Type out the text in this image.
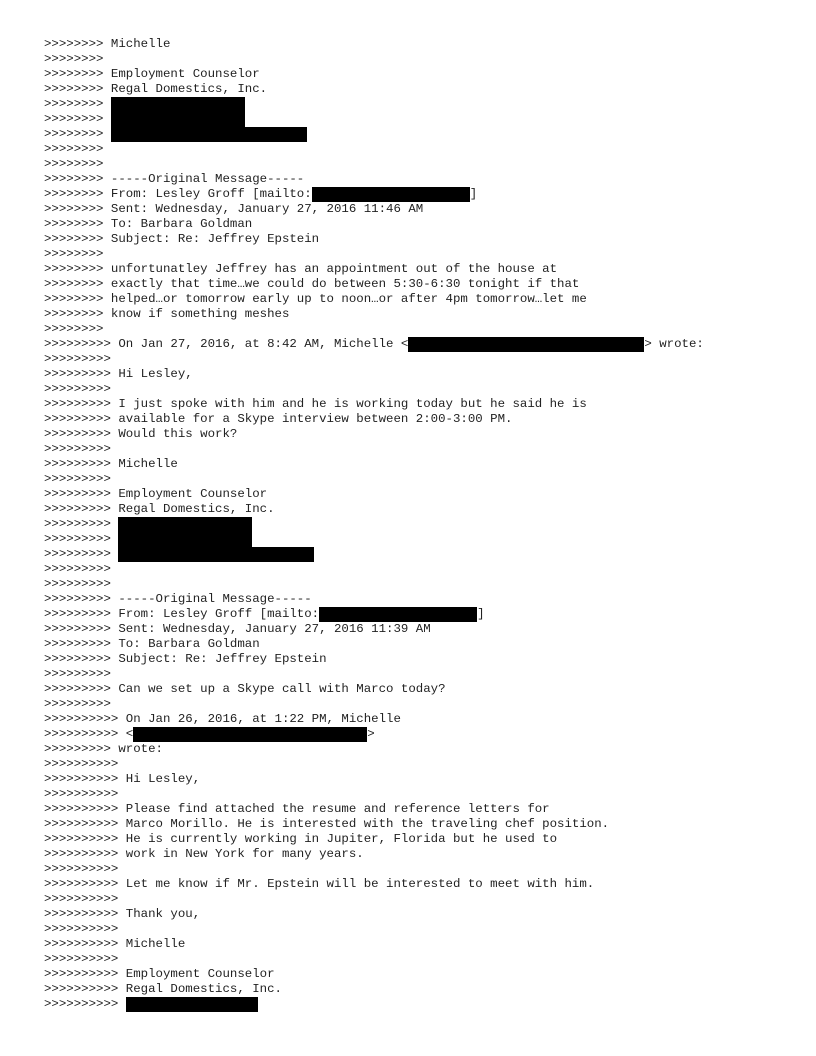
>>>>>>>> Michelle
>>>>>>>>
>>>>>>>> Employment Counselor
>>>>>>>> Regal Domestics, Inc.
>>>>>>>>
>>>>>>>>
>>>>>>>>
>>>>>>>>
>>>>>>>>
>>>>>>>> -----Original Message-----
>>>>>>>> From: Lesley Groff [mailto:	]
>>>>>>>> Sent: Wednesday, January 27, 2016 11:46 AM
>>>>>>>> To: Barbara Goldman
>>>>>>>> Subject: Re: Jeffrey Epstein
>>>>>>>>
>>>>>>>> unfortunatley Jeffrey has an appointment out of the house at
>>>>>>>> exactly that time…we could do between 5:30-6:30 tonight if that
>>>>>>>> helped…or tomorrow early up to noon…or after 4pm tomorrow…let me
>>>>>>>> know if something meshes
>>>>>>>>
>>>>>>>>> On Jan 27, 2016, at 8:42 AM, Michelle <	> wrote:
>>>>>>>>>
>>>>>>>>> Hi Lesley,
>>>>>>>>>
>>>>>>>>> I just spoke with him and he is working today but he said he is
>>>>>>>>> available for a Skype interview between 2:00-3:00 PM.
>>>>>>>>> Would this work?
>>>>>>>>>
>>>>>>>>> Michelle
>>>>>>>>>
>>>>>>>>> Employment Counselor
>>>>>>>>> Regal Domestics, Inc.
>>>>>>>>>
>>>>>>>>>
>>>>>>>>>
>>>>>>>>>
>>>>>>>>>
>>>>>>>>> -----Original Message-----
>>>>>>>>> From: Lesley Groff [mailto:	]
>>>>>>>>> Sent: Wednesday, January 27, 2016 11:39 AM
>>>>>>>>> To: Barbara Goldman
>>>>>>>>> Subject: Re: Jeffrey Epstein
>>>>>>>>>
>>>>>>>>> Can we set up a Skype call with Marco today?
>>>>>>>>>
>>>>>>>>>> On Jan 26, 2016, at 1:22 PM, Michelle
>>>>>>>>>> <	>
>>>>>>>>> wrote:
>>>>>>>>>>
>>>>>>>>>> Hi Lesley,
>>>>>>>>>>
>>>>>>>>>> Please find attached the resume and reference letters for
>>>>>>>>>> Marco Morillo. He is interested with the traveling chef position.
>>>>>>>>>> He is currently working in Jupiter, Florida but he used to
>>>>>>>>>> work in New York for many years.
>>>>>>>>>>
>>>>>>>>>> Let me know if Mr. Epstein will be interested to meet with him.
>>>>>>>>>>
>>>>>>>>>> Thank you,
>>>>>>>>>>
>>>>>>>>>> Michelle
>>>>>>>>>>
>>>>>>>>>> Employment Counselor
>>>>>>>>>> Regal Domestics, Inc.
>>>>>>>>>>
